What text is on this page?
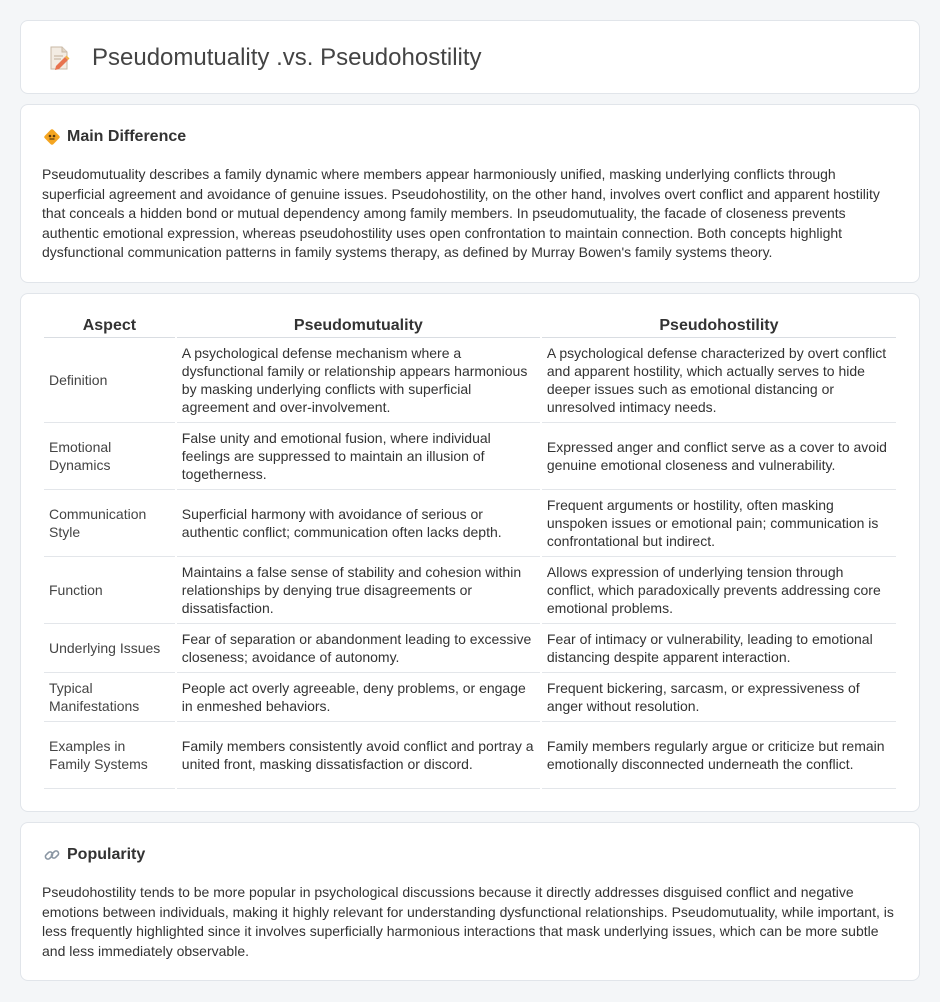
Pseudomutuality .vs. Pseudohostility
Main Difference

Pseudomutuality describes a family dynamic where members appear harmoniously unified, masking underlying conflicts through superficial agreement and avoidance of genuine issues. Pseudohostility, on the other hand, involves overt conflict and apparent hostility that conceals a hidden bond or mutual dependency among family members. In pseudomutuality, the facade of closeness prevents authentic emotional expression, whereas pseudohostility uses open confrontation to maintain connection. Both concepts highlight dysfunctional communication patterns in family systems therapy, as defined by Murray Bowen's family systems theory.

Aspect	Pseudomutuality	Pseudohostility
Definition	A psychological defense mechanism where a dysfunctional family or relationship appears harmonious by masking underlying conflicts with superficial agreement and over-involvement.	A psychological defense characterized by overt conflict and apparent hostility, which actually serves to hide deeper issues such as emotional distancing or unresolved intimacy needs.
Emotional Dynamics	False unity and emotional fusion, where individual feelings are suppressed to maintain an illusion of togetherness.	Expressed anger and conflict serve as a cover to avoid genuine emotional closeness and vulnerability.
Communication Style	Superficial harmony with avoidance of serious or authentic conflict; communication often lacks depth.	Frequent arguments or hostility, often masking unspoken issues or emotional pain; communication is confrontational but indirect.
Function	Maintains a false sense of stability and cohesion within relationships by denying true disagreements or dissatisfaction.	Allows expression of underlying tension through conflict, which paradoxically prevents addressing core emotional problems.
Underlying Issues	Fear of separation or abandonment leading to excessive closeness; avoidance of autonomy.	Fear of intimacy or vulnerability, leading to emotional distancing despite apparent interaction.
Typical Manifestations	People act overly agreeable, deny problems, or engage in enmeshed behaviors.	Frequent bickering, sarcasm, or expressiveness of anger without resolution.
Examples in Family Systems	Family members consistently avoid conflict and portray a united front, masking dissatisfaction or discord.	Family members regularly argue or criticize but remain emotionally disconnected underneath the conflict.
Popularity

Pseudohostility tends to be more popular in psychological discussions because it directly addresses disguised conflict and negative emotions between individuals, making it highly relevant for understanding dysfunctional relationships. Pseudomutuality, while important, is less frequently highlighted since it involves superficially harmonious interactions that mask underlying issues, which can be more subtle and less immediately observable.
